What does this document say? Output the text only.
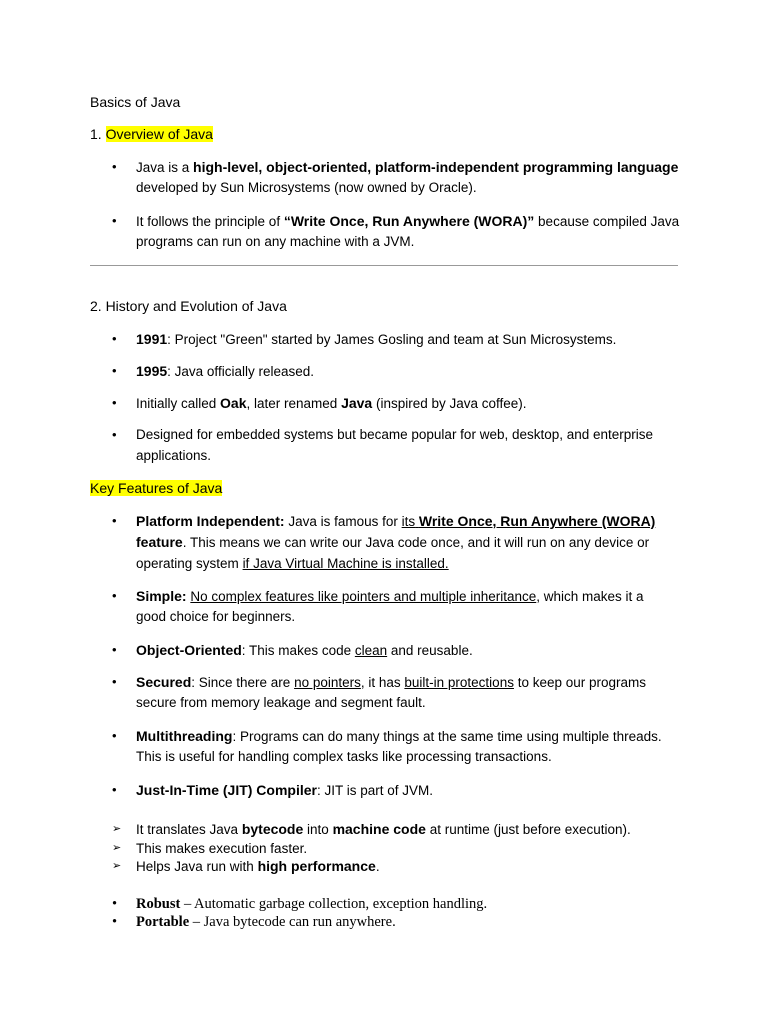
Basics of Java
1. Overview of Java
• Java is a high-level, object-oriented, platform-independent programming language
developed by Sun Microsystems (now owned by Oracle).
• It follows the principle of “Write Once, Run Anywhere (WORA)” because compiled Java
programs can run on any machine with a JVM.
2. History and Evolution of Java
• 1991: Project "Green" started by James Gosling and team at Sun Microsystems.
• 1995: Java officially released.
• Initially called Oak, later renamed Java (inspired by Java coffee).
• Designed for embedded systems but became popular for web, desktop, and enterprise
applications.
Key Features of Java
• Platform Independent: Java is famous for its Write Once, Run Anywhere (WORA)
feature. This means we can write our Java code once, and it will run on any device or
operating system if Java Virtual Machine is installed.
• Simple: No complex features like pointers and multiple inheritance, which makes it a
good choice for beginners.
• Object-Oriented: This makes code clean and reusable.
• Secured: Since there are no pointers, it has built-in protections to keep our programs
secure from memory leakage and segment fault.
• Multithreading: Programs can do many things at the same time using multiple threads.
This is useful for handling complex tasks like processing transactions.
• Just-In-Time (JIT) Compiler: JIT is part of JVM.
➢ It translates Java bytecode into machine code at runtime (just before execution).
➢ This makes execution faster.
➢ Helps Java run with high performance.
• Robust – Automatic garbage collection, exception handling.
• Portable – Java bytecode can run anywhere.
